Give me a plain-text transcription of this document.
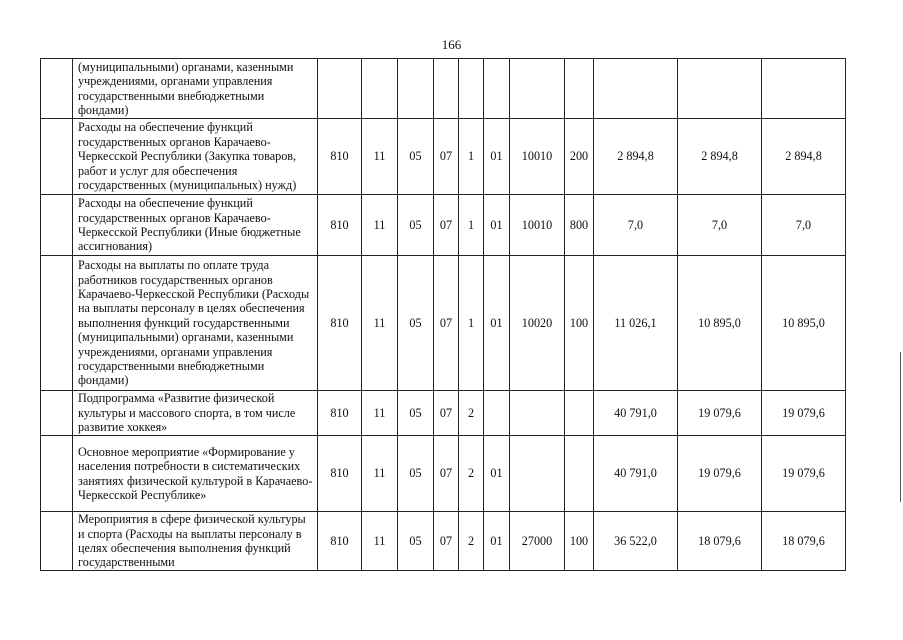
166
	(муниципальными) органами, казенными учреждениями, органами управления государственными внебюджетными фондами)											
	Расходы на обеспечение функций государственных органов Карачаево-Черкесской Республики (Закупка товаров, работ и услуг для обеспечения государственных (муниципальных) нужд)	810	11	05	07	1	01	10010	200	2 894,8	2 894,8	2 894,8
	Расходы на обеспечение функций государственных органов Карачаево-Черкесской Республики (Иные бюджетные ассигнования)	810	11	05	07	1	01	10010	800	7,0	7,0	7,0
	Расходы на выплаты по оплате труда работников государственных органов Карачаево-Черкесской Республики (Расходы на выплаты персоналу в целях обеспечения выполнения функций государственными (муниципальными) органами, казенными учреждениями, органами управления государственными внебюджетными фондами)	810	11	05	07	1	01	10020	100	11 026,1	10 895,0	10 895,0
	Подпрограмма «Развитие физической культуры и массового спорта, в том числе развитие хоккея»	810	11	05	07	2				40 791,0	19 079,6	19 079,6
	Основное мероприятие «Формирование у населения потребности в систематических занятиях физической культурой в Карачаево-Черкесской Республике»	810	11	05	07	2	01			40 791,0	19 079,6	19 079,6
	Мероприятия в сфере физической культуры и спорта (Расходы на выплаты персоналу в целях обеспечения выполнения функций государственными	810	11	05	07	2	01	27000	100	36 522,0	18 079,6	18 079,6
